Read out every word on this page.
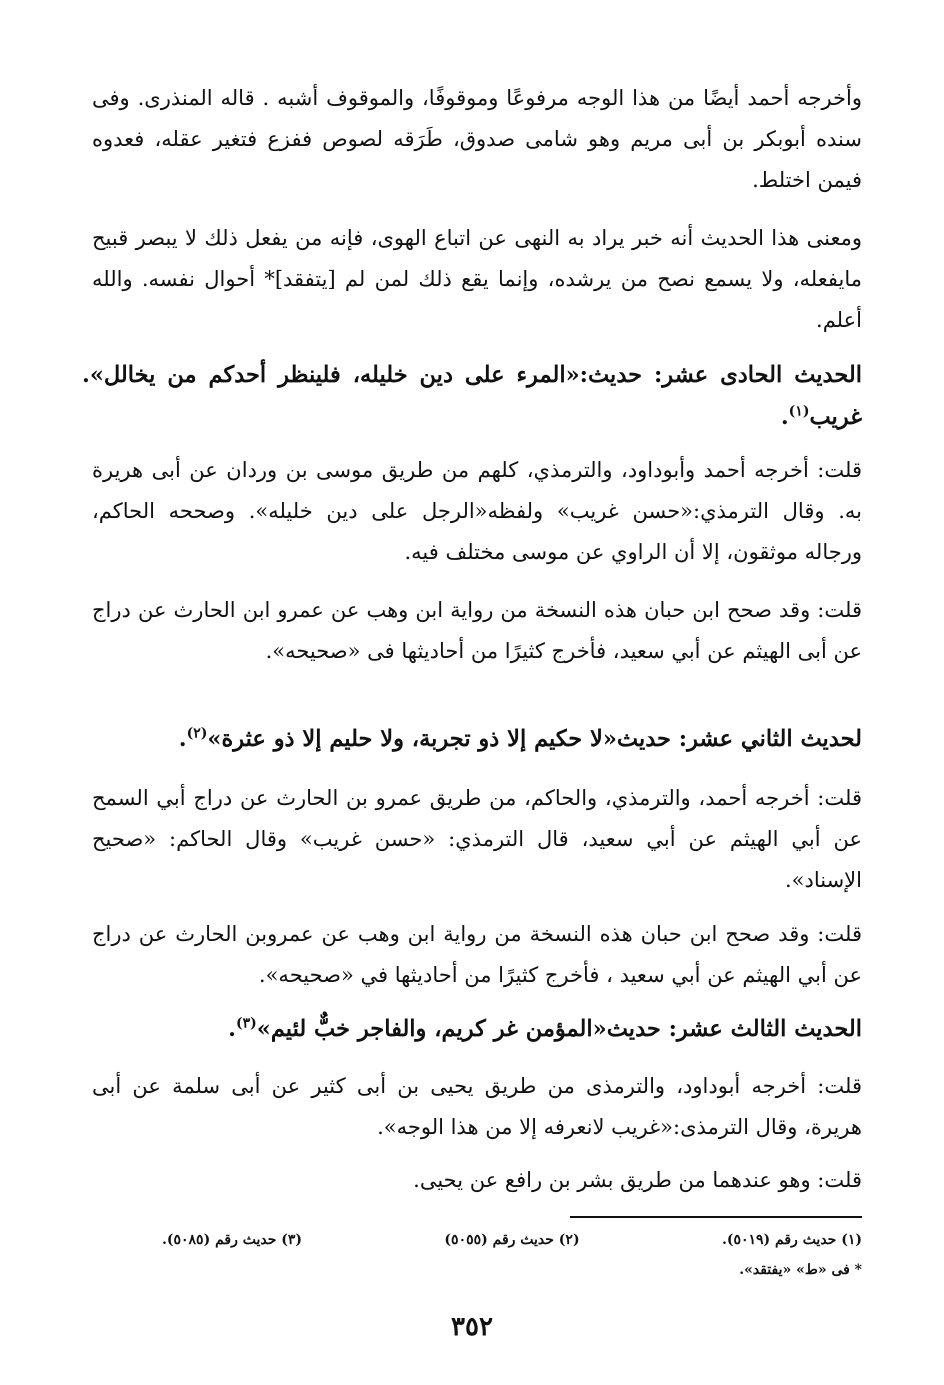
وأخرجه أحمد أيضًا من هذا الوجه مرفوعًا وموقوفًا، والموقوف أشبه . قاله المنذرى. وفى سنده أبوبكر بن أبى مريم وهو شامى صدوق، طَرَقه لصوص ففزع فتغير عقله، فعدوه فيمن اختلط.

ومعنى هذا الحديث أنه خبر يراد به النهى عن اتباع الهوى، فإنه من يفعل ذلك لا يبصر قبيح مايفعله، ولا يسمع نصح من يرشده، وإنما يقع ذلك لمن لم [يتفقد]* أحوال نفسه. والله أعلم.

الحديث الحادى عشر: حديث:«المرء على دين خليله، فلينظر أحدكم من يخالل». غريب$^{(١)}$.

قلت: أخرجه أحمد وأبوداود، والترمذي، كلهم من طريق موسى بن وردان عن أبى هريرة به. وقال الترمذي:«حسن غريب» ولفظه«الرجل على دين خليله». وصححه الحاكم، ورجاله موثقون، إلا أن الراوي عن موسى مختلف فيه.

قلت: وقد صحح ابن حبان هذه النسخة من رواية ابن وهب عن عمرو ابن الحارث عن دراج عن أبى الهيثم عن أبي سعيد، فأخرج كثيرًا من أحاديثها فى «صحيحه».

لحديث الثاني عشر: حديث«لا حكيم إلا ذو تجربة، ولا حليم إلا ذو عثرة»$^{(٢)}$.

قلت: أخرجه أحمد، والترمذي، والحاكم، من طريق عمرو بن الحارث عن دراج أبي السمح عن أبي الهيثم عن أبي سعيد، قال الترمذي: «حسن غريب» وقال الحاكم: «صحيح الإسناد».

قلت: وقد صحح ابن حبان هذه النسخة من رواية ابن وهب عن عمروبن الحارث عن دراج عن أبي الهيثم عن أبي سعيد ، فأخرج كثيرًا من أحاديثها في «صحيحه».

الحديث الثالث عشر: حديث«المؤمن غر كريم، والفاجر خبٌّ لئيم»$^{(٣)}$.

قلت: أخرجه أبوداود، والترمذى من طريق يحيى بن أبى كثير عن أبى سلمة عن أبى هريرة، وقال الترمذى:«غريب لانعرفه إلا من هذا الوجه».

قلت: وهو عندهما من طريق بشر بن رافع عن يحيى.

(١) حديث رقم (٥٠١٩).
(٢) حديث رقم (٥٠٥٥)
(٣) حديث رقم (٥٠٨٥).
* فى «ط» «يفتقد».
٣٥٢
